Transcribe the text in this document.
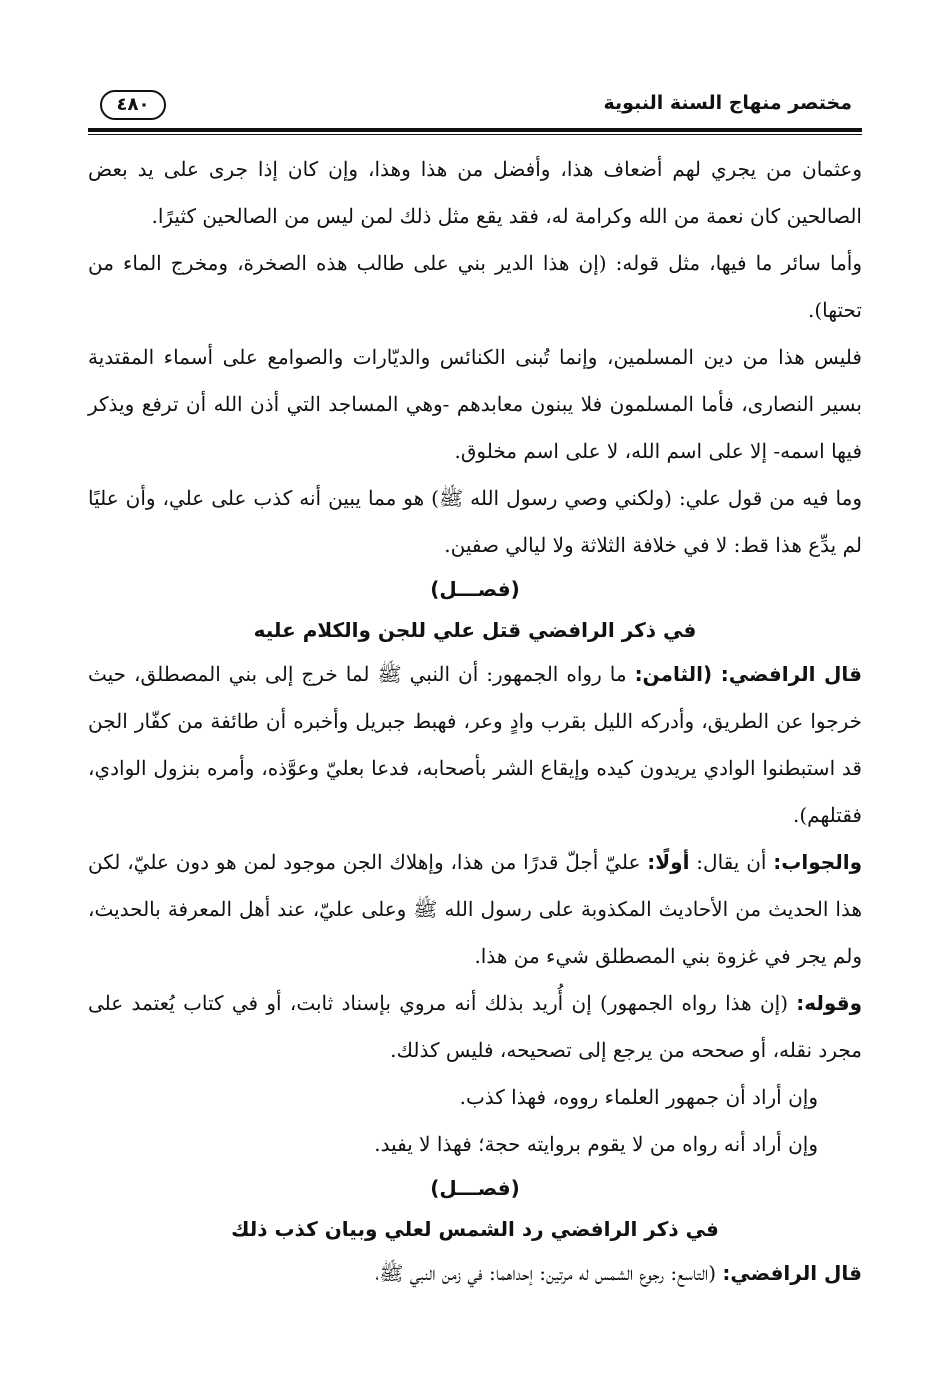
مختصر منهاج السنة النبوية
٤٨٠

وعثمان من يجري لهم أضعاف هذا، وأفضل من هذا وهذا، وإن كان إذا جرى على يد بعض الصالحين كان نعمة من الله وكرامة له، فقد يقع مثل ذلك لمن ليس من الصالحين كثيرًا.

وأما سائر ما فيها، مثل قوله: (إن هذا الدير بني على طالب هذه الصخرة، ومخرج الماء من تحتها).

فليس هذا من دين المسلمين، وإنما تُبنى الكنائس والديّارات والصوامع على أسماء المقتدية بسير النصارى، فأما المسلمون فلا يبنون معابدهم -وهي المساجد التي أذن الله أن ترفع ويذكر فيها اسمه- إلا على اسم الله، لا على اسم مخلوق.

وما فيه من قول علي: (ولكني وصي رسول الله ﷺ) هو مما يبين أنه كذب على علي، وأن عليًا لم يدِّع هذا قط: لا في خلافة الثلاثة ولا ليالي صفين.

(فصـــل)

في ذكر الرافضي قتل علي للجن والكلام عليه

قال الرافضي: (الثامن: ما رواه الجمهور: أن النبي ﷺ لما خرج إلى بني المصطلق، حيث خرجوا عن الطريق، وأدركه الليل بقرب وادٍ وعر، فهبط جبريل وأخبره أن طائفة من كفّار الجن قد استبطنوا الوادي يريدون كيده وإيقاع الشر بأصحابه، فدعا بعليّ وعوَّذه، وأمره بنزول الوادي، فقتلهم).

والجواب: أن يقال: أولًا: عليّ أجلّ قدرًا من هذا، وإهلاك الجن موجود لمن هو دون عليّ، لكن هذا الحديث من الأحاديث المكذوبة على رسول الله ﷺ وعلى عليّ، عند أهل المعرفة بالحديث، ولم يجر في غزوة بني المصطلق شيء من هذا.

وقوله: (إن هذا رواه الجمهور) إن أُريد بذلك أنه مروي بإسناد ثابت، أو في كتاب يُعتمد على مجرد نقله، أو صححه من يرجع إلى تصحيحه، فليس كذلك.

وإن أراد أن جمهور العلماء رووه، فهذا كذب.

وإن أراد أنه رواه من لا يقوم بروايته حجة؛ فهذا لا يفيد.

(فصـــل)

في ذكر الرافضي رد الشمس لعلي وبيان كذب ذلك

قال الرافضي: (التاسع: رجوع الشمس له مرتين: إحداهما: في زمن النبي ﷺ،
